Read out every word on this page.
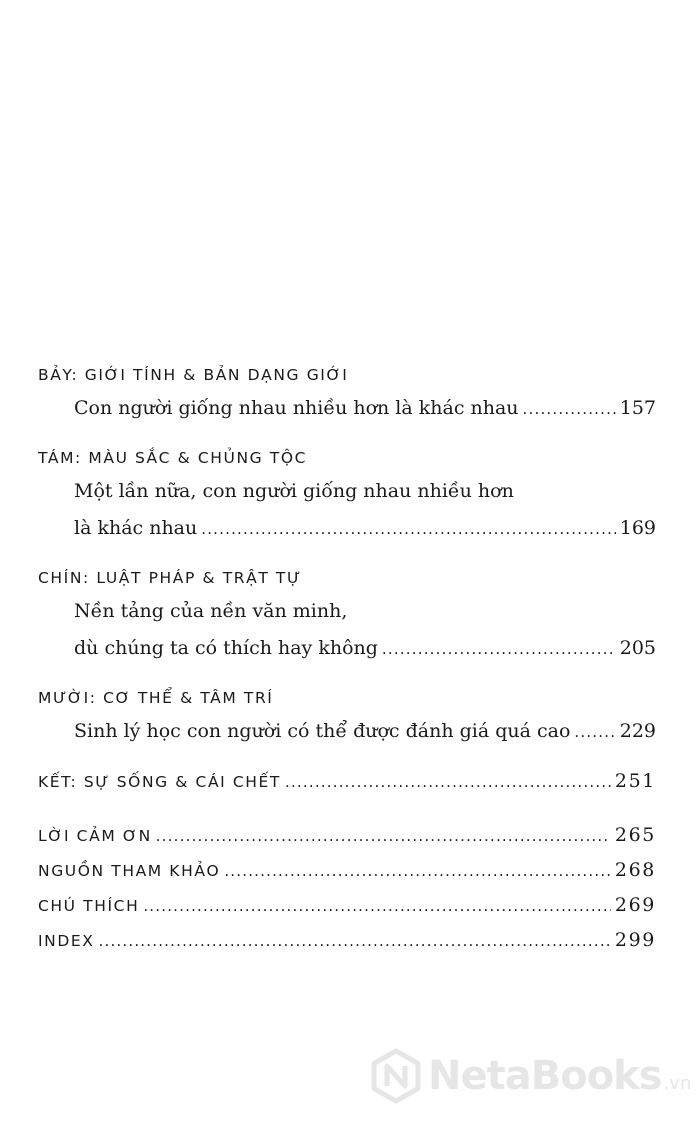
BẢY: GIỚI TÍNH & BẢN DẠNG GIỚI
Con người giống nhau nhiều hơn là khác nhau .....	157
TÁM: MÀU SẮC & CHỦNG TỘC
Một lần nữa, con người giống nhau nhiều hơn
là khác nhau .....	169
CHÍN: LUẬT PHÁP & TRẬT TỰ
Nền tảng của nền văn minh,
dù chúng ta có thích hay không .....	205
MƯỜI: CƠ THỂ & TÂM TRÍ
Sinh lý học con người có thể được đánh giá quá cao .....	229
KẾT: SỰ SỐNG & CÁI CHẾT .....	251
LỜI CẢM ƠN .....	265
NGUỒN THAM KHẢO .....	268
CHÚ THÍCH .....	269
INDEX .....	299
NetaBooks .vn
